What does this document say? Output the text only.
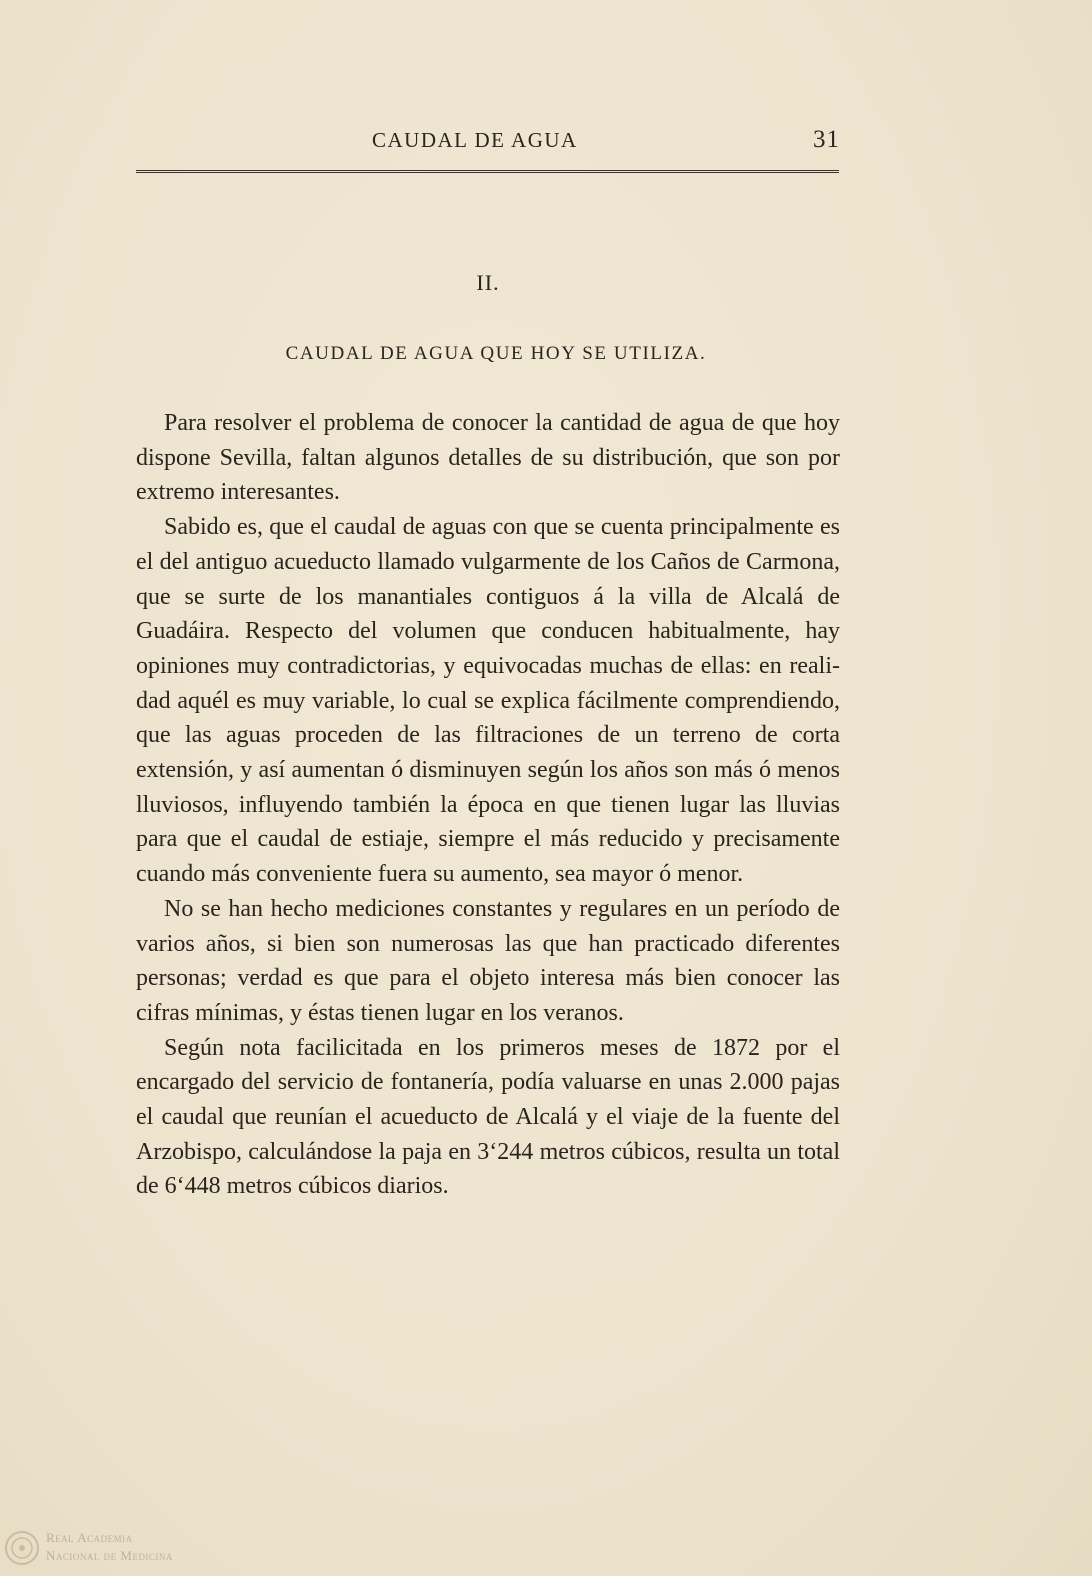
CAUDAL DE AGUA	31
II.
CAUDAL DE AGUA QUE HOY SE UTILIZA.

Para resolver el problema de conocer la cantidad de agua de que hoy dispone Sevilla, faltan algunos detalles de su distribución, que son por extremo interesantes.

Sabido es, que el caudal de aguas con que se cuenta principalmente es el del antiguo acueducto llamado vulgarmente de los Caños de Carmona, que se surte de los manantiales contiguos á la villa de Alcalá de Guadáira. Respecto del volumen que conducen habitualmente, hay opiniones muy contradictorias, y equivocadas muchas de ellas: en realidad aquél es muy variable, lo cual se explica fácilmente comprendiendo, que las aguas proceden de las filtraciones de un terreno de corta extensión, y así aumentan ó disminuyen según los años son más ó menos lluviosos, influyendo también la época en que tienen lugar las lluvias para que el caudal de estiaje, siempre el más reducido y precisamente cuando más conveniente fuera su aumento, sea mayor ó menor.

No se han hecho mediciones constantes y regulares en un período de varios años, si bien son numerosas las que han practicado diferentes personas; verdad es que para el objeto interesa más bien conocer las cifras mínimas, y éstas tienen lugar en los veranos.

Según nota facilicitada en los primeros meses de 1872 por el encargado del servicio de fontanería, podía valuarse en unas 2.000 pajas el caudal que reunían el acueducto de Alcalá y el viaje de la fuente del Arzobispo, calculándose la paja en 3‘244 metros cúbicos, resulta un total de 6‘448 metros cúbicos diarios.

Real Academia
Nacional de Medicina
